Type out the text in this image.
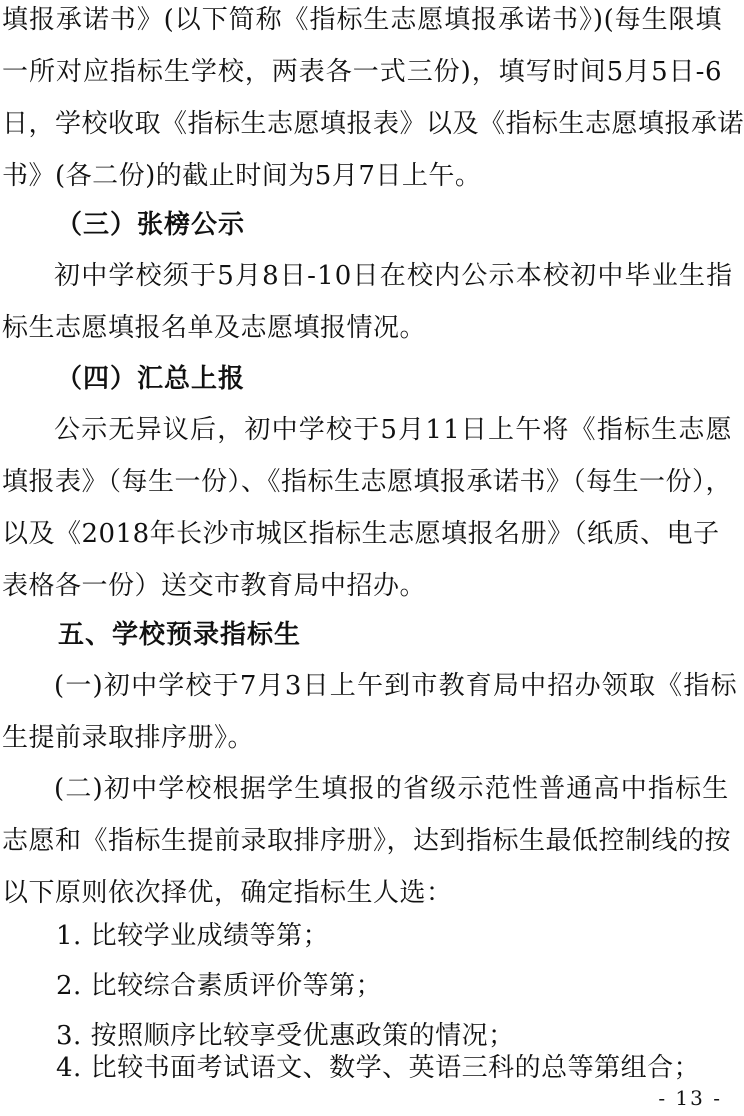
填报承诺书》(以下简称《指标生志愿填报承诺书》)(每生限填
一所对应指标生学校，两表各一式三份)，填写时间5月5日-6
日，学校收取《指标生志愿填报表》以及《指标生志愿填报承诺
书》(各二份)的截止时间为5月7日上午。
（三）张榜公示
初中学校须于5月8日-10日在校内公示本校初中毕业生指
标生志愿填报名单及志愿填报情况。
（四）汇总上报
公示无异议后，初中学校于5月11日上午将《指标生志愿
填报表》（每生一份）、《指标生志愿填报承诺书》（每生一份），
以及《2018年长沙市城区指标生志愿填报名册》（纸质、电子
表格各一份）送交市教育局中招办。
五、学校预录指标生
(一)初中学校于7月3日上午到市教育局中招办领取《指标
生提前录取排序册》。
(二)初中学校根据学生填报的省级示范性普通高中指标生
志愿和《指标生提前录取排序册》，达到指标生最低控制线的按
以下原则依次择优，确定指标生人选：
1. 比较学业成绩等第；
2. 比较综合素质评价等第；
3. 按照顺序比较享受优惠政策的情况；
- 13 -
4. 比较书面考试语文、数学、英语三科的总等第组合；
